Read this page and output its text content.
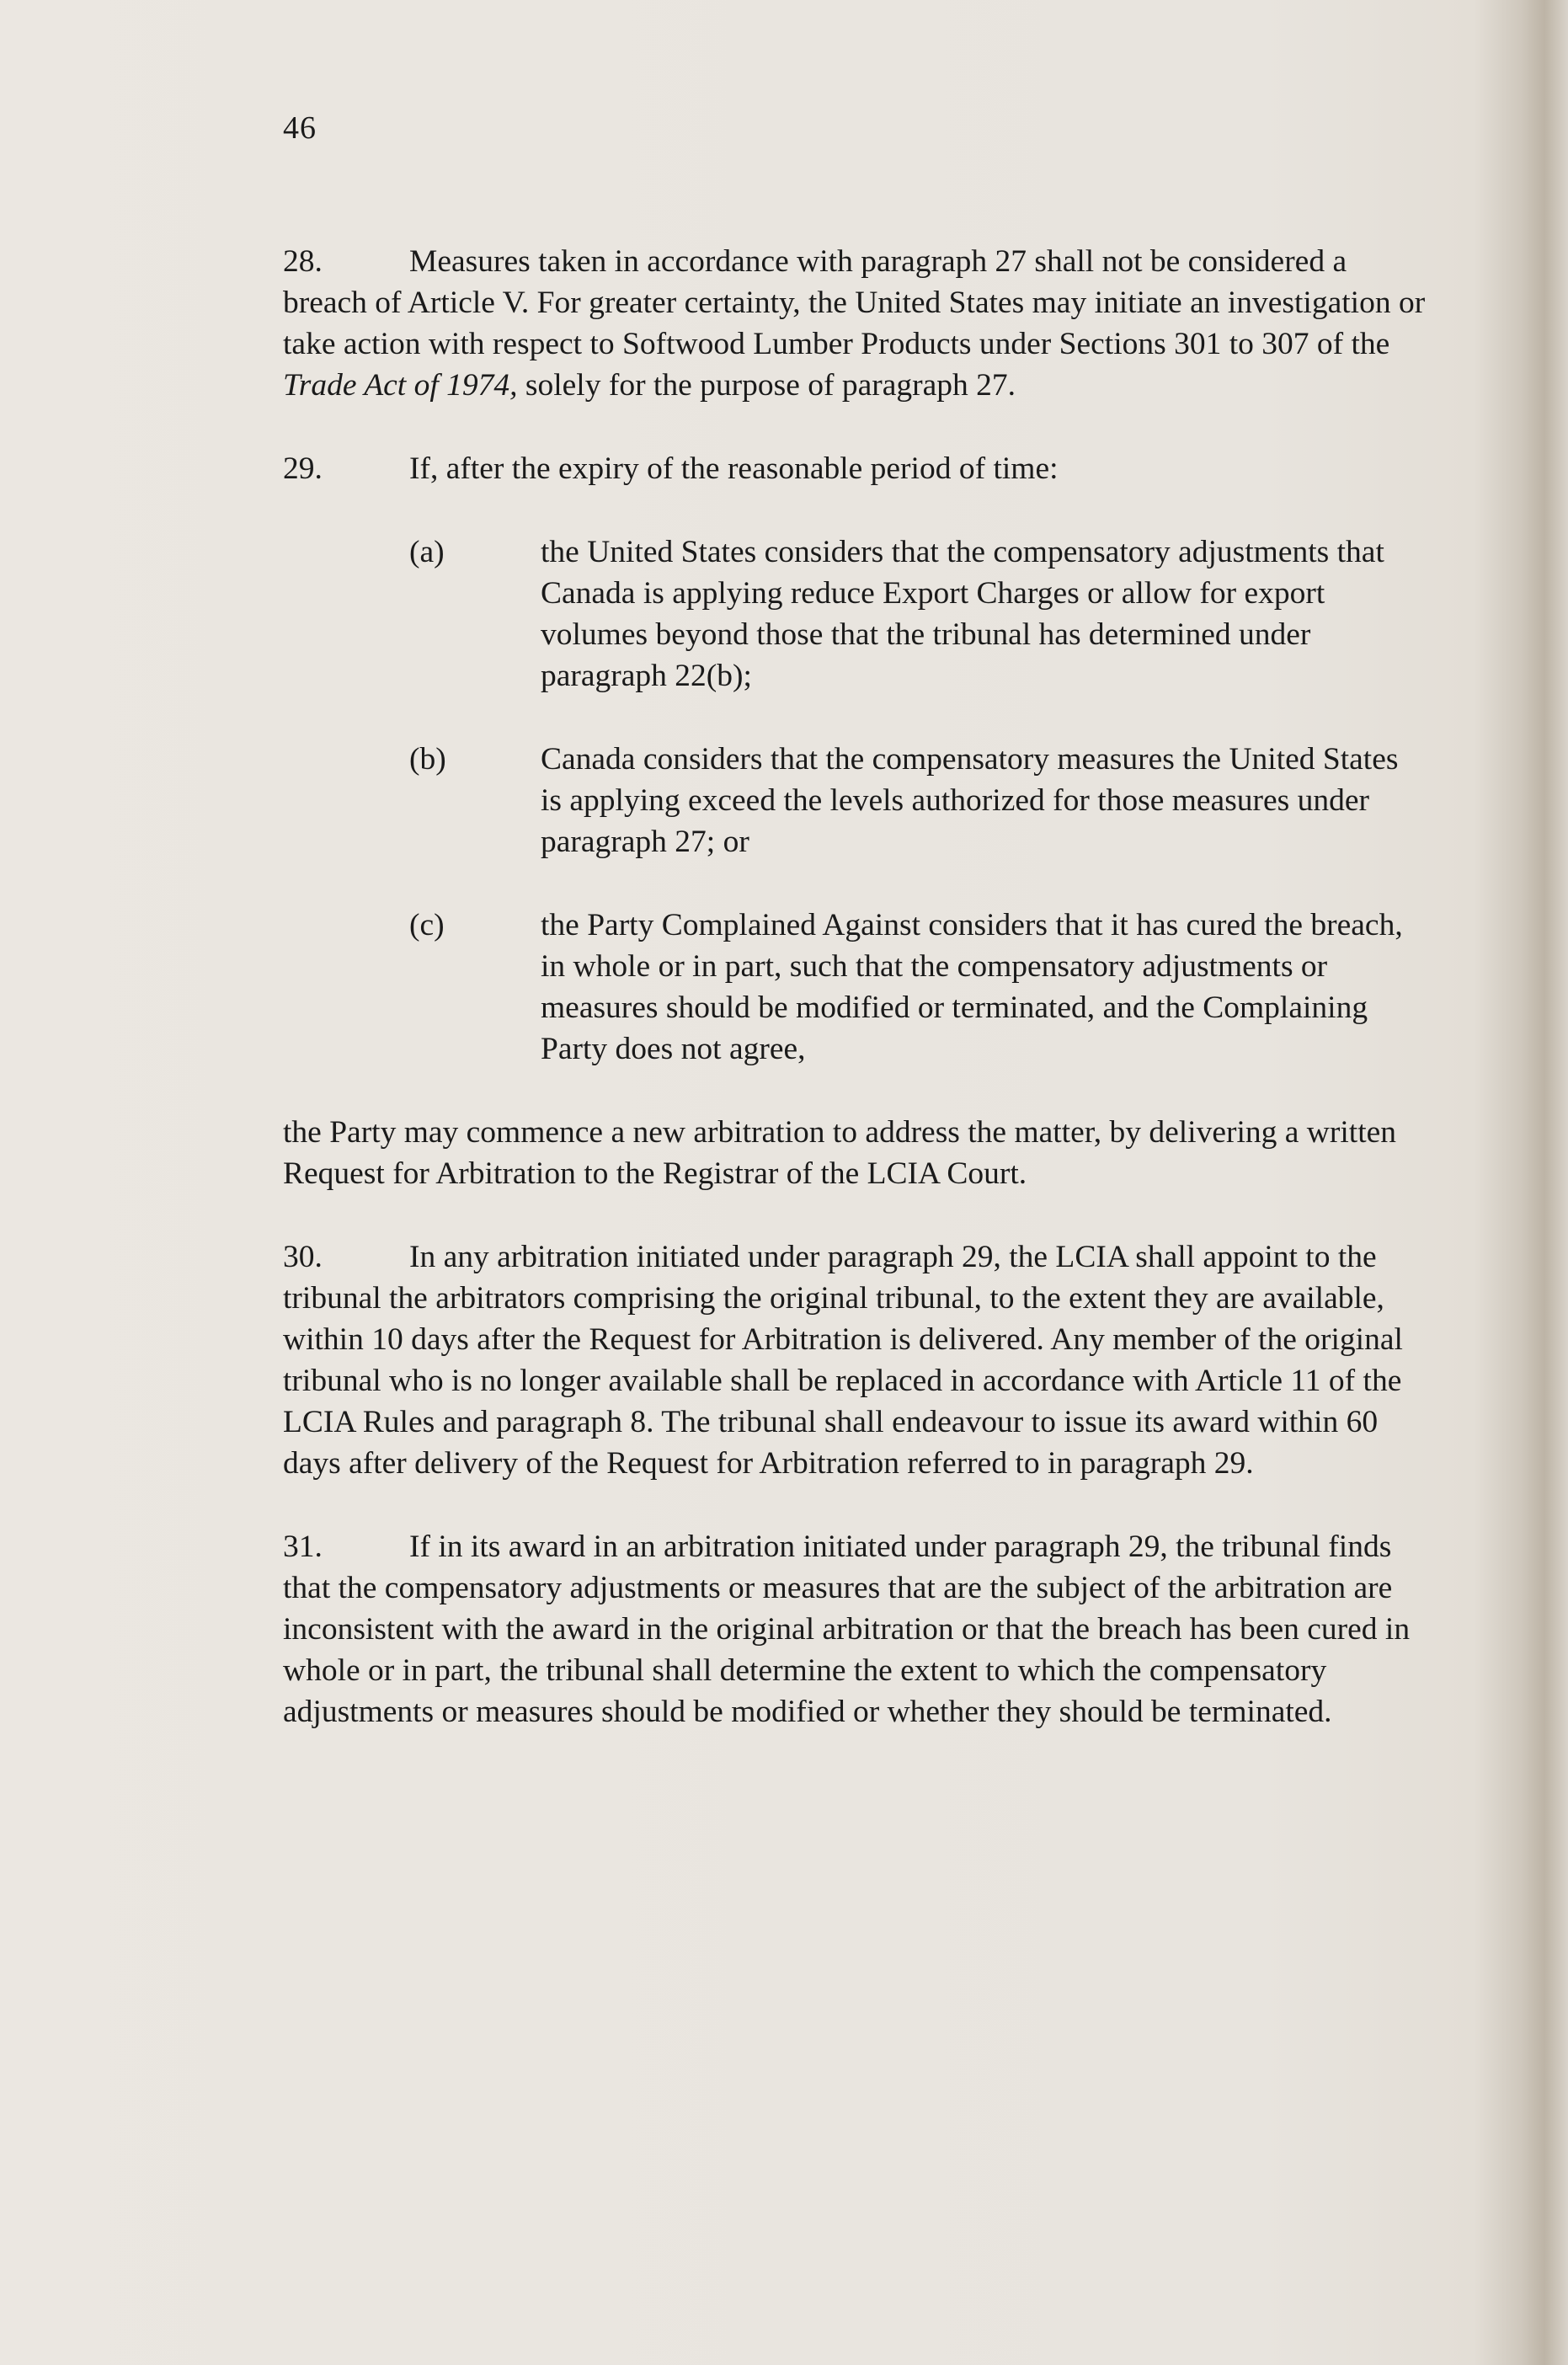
46

28.	Measures taken in accordance with paragraph 27 shall not be considered a breach of Article V. For greater certainty, the United States may initiate an investigation or take action with respect to Softwood Lumber Products under Sections 301 to 307 of the Trade Act of 1974, solely for the purpose of paragraph 27.

29.	If, after the expiry of the reasonable period of time:

(a)	the United States considers that the compensatory adjustments that Canada is applying reduce Export Charges or allow for export volumes beyond those that the tribunal has determined under paragraph 22(b);
(b)	Canada considers that the compensatory measures the United States is applying exceed the levels authorized for those measures under paragraph 27; or
(c)	the Party Complained Against considers that it has cured the breach, in whole or in part, such that the compensatory adjustments or measures should be modified or terminated, and the Complaining Party does not agree,

the Party may commence a new arbitration to address the matter, by delivering a written Request for Arbitration to the Registrar of the LCIA Court.

30.	In any arbitration initiated under paragraph 29, the LCIA shall appoint to the tribunal the arbitrators comprising the original tribunal, to the extent they are available, within 10 days after the Request for Arbitration is delivered. Any member of the original tribunal who is no longer available shall be replaced in accordance with Article 11 of the LCIA Rules and paragraph 8. The tribunal shall endeavour to issue its award within 60 days after delivery of the Request for Arbitration referred to in paragraph 29.

31.	If in its award in an arbitration initiated under paragraph 29, the tribunal finds that the compensatory adjustments or measures that are the subject of the arbitration are inconsistent with the award in the original arbitration or that the breach has been cured in whole or in part, the tribunal shall determine the extent to which the compensatory adjustments or measures should be modified or whether they should be terminated.
